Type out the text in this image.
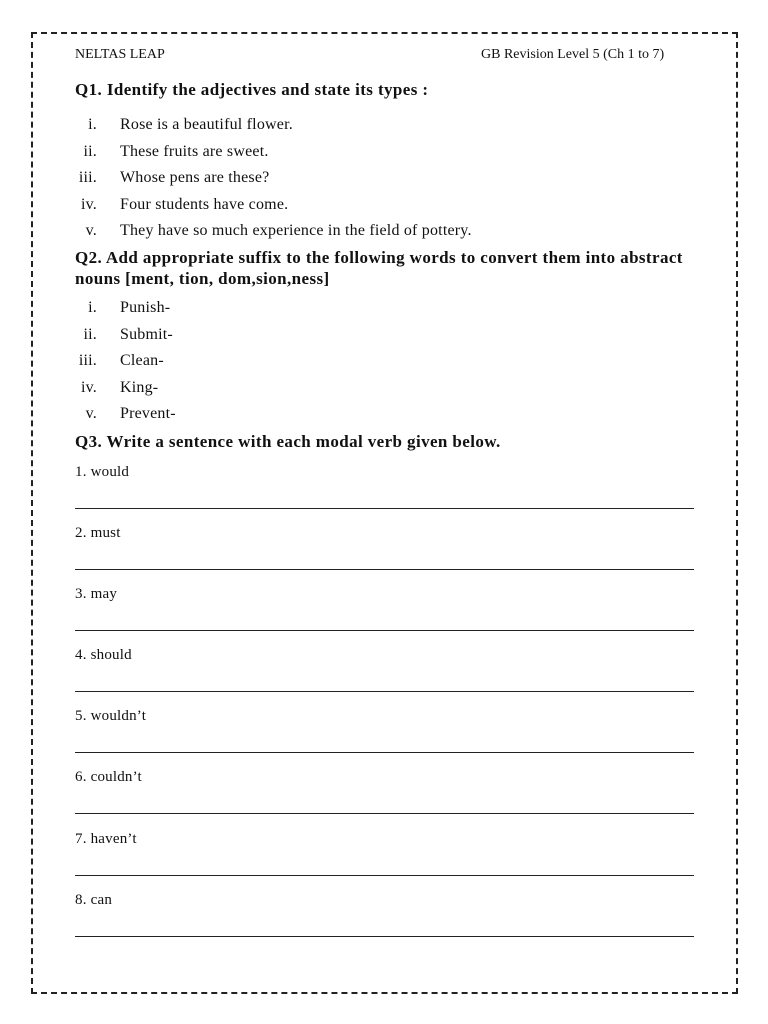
NELTAS LEAP	GB Revision Level 5 (Ch 1 to 7)
Q1. Identify the adjectives and state its types :
i. Rose is a beautiful flower.
ii. These fruits are sweet.
iii. Whose pens are these?
iv. Four students have come.
v. They have so much experience in the field of pottery.
Q2. Add appropriate suffix to the following words to convert them into abstract
nouns [ment, tion, dom,sion,ness]
i. Punish-
ii. Submit-
iii. Clean-
iv. King-
v. Prevent-
Q3. Write a sentence with each modal verb given below.
1. would
2. must
3. may
4. should
5. wouldn’t
6. couldn’t
7. haven’t
8. can
